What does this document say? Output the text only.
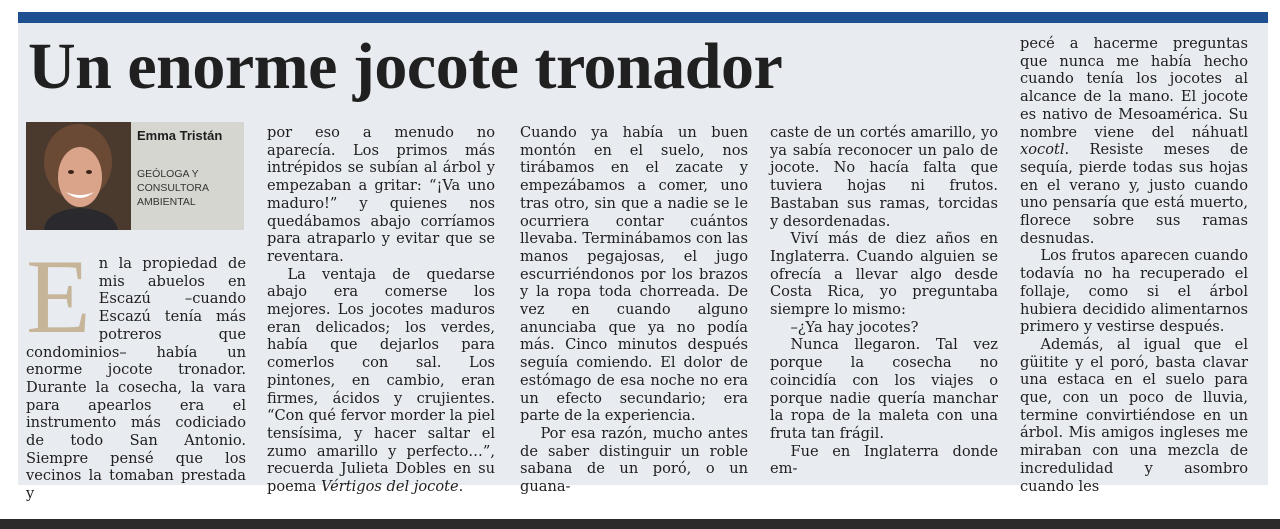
Un enorme jocote tronador
Emma Tristán
GEÓLOGA Y CONSULTORA AMBIENTAL

En la propiedad de mis abuelos en Escazú –cuando Escazú tenía más potreros que condominios– había un enorme jocote tronador. Durante la cosecha, la vara para apearlos era el instrumento más codiciado de todo San Antonio. Siempre pensé que los vecinos la tomaban prestada y

por eso a menudo no aparecía. Los primos más intrépidos se subían al árbol y empezaban a gritar: “¡Va uno maduro!” y quienes nos quedábamos abajo corríamos para atraparlo y evitar que se reventara.

La ventaja de quedarse abajo era comerse los mejores. Los jocotes maduros eran delicados; los verdes, había que dejarlos para comerlos con sal. Los pintones, en cambio, eran firmes, ácidos y crujientes. “Con qué fervor morder la piel tensísima, y hacer saltar el zumo amarillo y perfecto…”, recuerda Julieta Dobles en su poema Vértigos del jocote.

Cuando ya había un buen montón en el suelo, nos tirábamos en el zacate y empezábamos a comer, uno tras otro, sin que a nadie se le ocurriera contar cuántos llevaba. Terminábamos con las manos pegajosas, el jugo escurriéndonos por los brazos y la ropa toda chorreada. De vez en cuando alguno anunciaba que ya no podía más. Cinco minutos después seguía comiendo. El dolor de estómago de esa noche no era un efecto secundario; era parte de la experiencia.

Por esa razón, mucho antes de saber distinguir un roble sabana de un poró, o un guana-

caste de un cortés amarillo, yo ya sabía reconocer un palo de jocote. No hacía falta que tuviera hojas ni frutos. Bastaban sus ramas, torcidas y desordenadas.

Viví más de diez años en Inglaterra. Cuando alguien se ofrecía a llevar algo desde Costa Rica, yo preguntaba siempre lo mismo:

–¿Ya hay jocotes?

Nunca llegaron. Tal vez porque la cosecha no coincidía con los viajes o porque nadie quería manchar la ropa de la maleta con una fruta tan frágil.

Fue en Inglaterra donde em-

pecé a hacerme preguntas que nunca me había hecho cuando tenía los jocotes al alcance de la mano. El jocote es nativo de Mesoamérica. Su nombre viene del náhuatl xocotl. Resiste meses de sequía, pierde todas sus hojas en el verano y, justo cuando uno pensaría que está muerto, florece sobre sus ramas desnudas.

Los frutos aparecen cuando todavía no ha recuperado el follaje, como si el árbol hubiera decidido alimentarnos primero y vestirse después.

Además, al igual que el güitite y el poró, basta clavar una estaca en el suelo para que, con un poco de lluvia, termine convirtiéndose en un árbol. Mis amigos ingleses me miraban con una mezcla de incredulidad y asombro cuando les
